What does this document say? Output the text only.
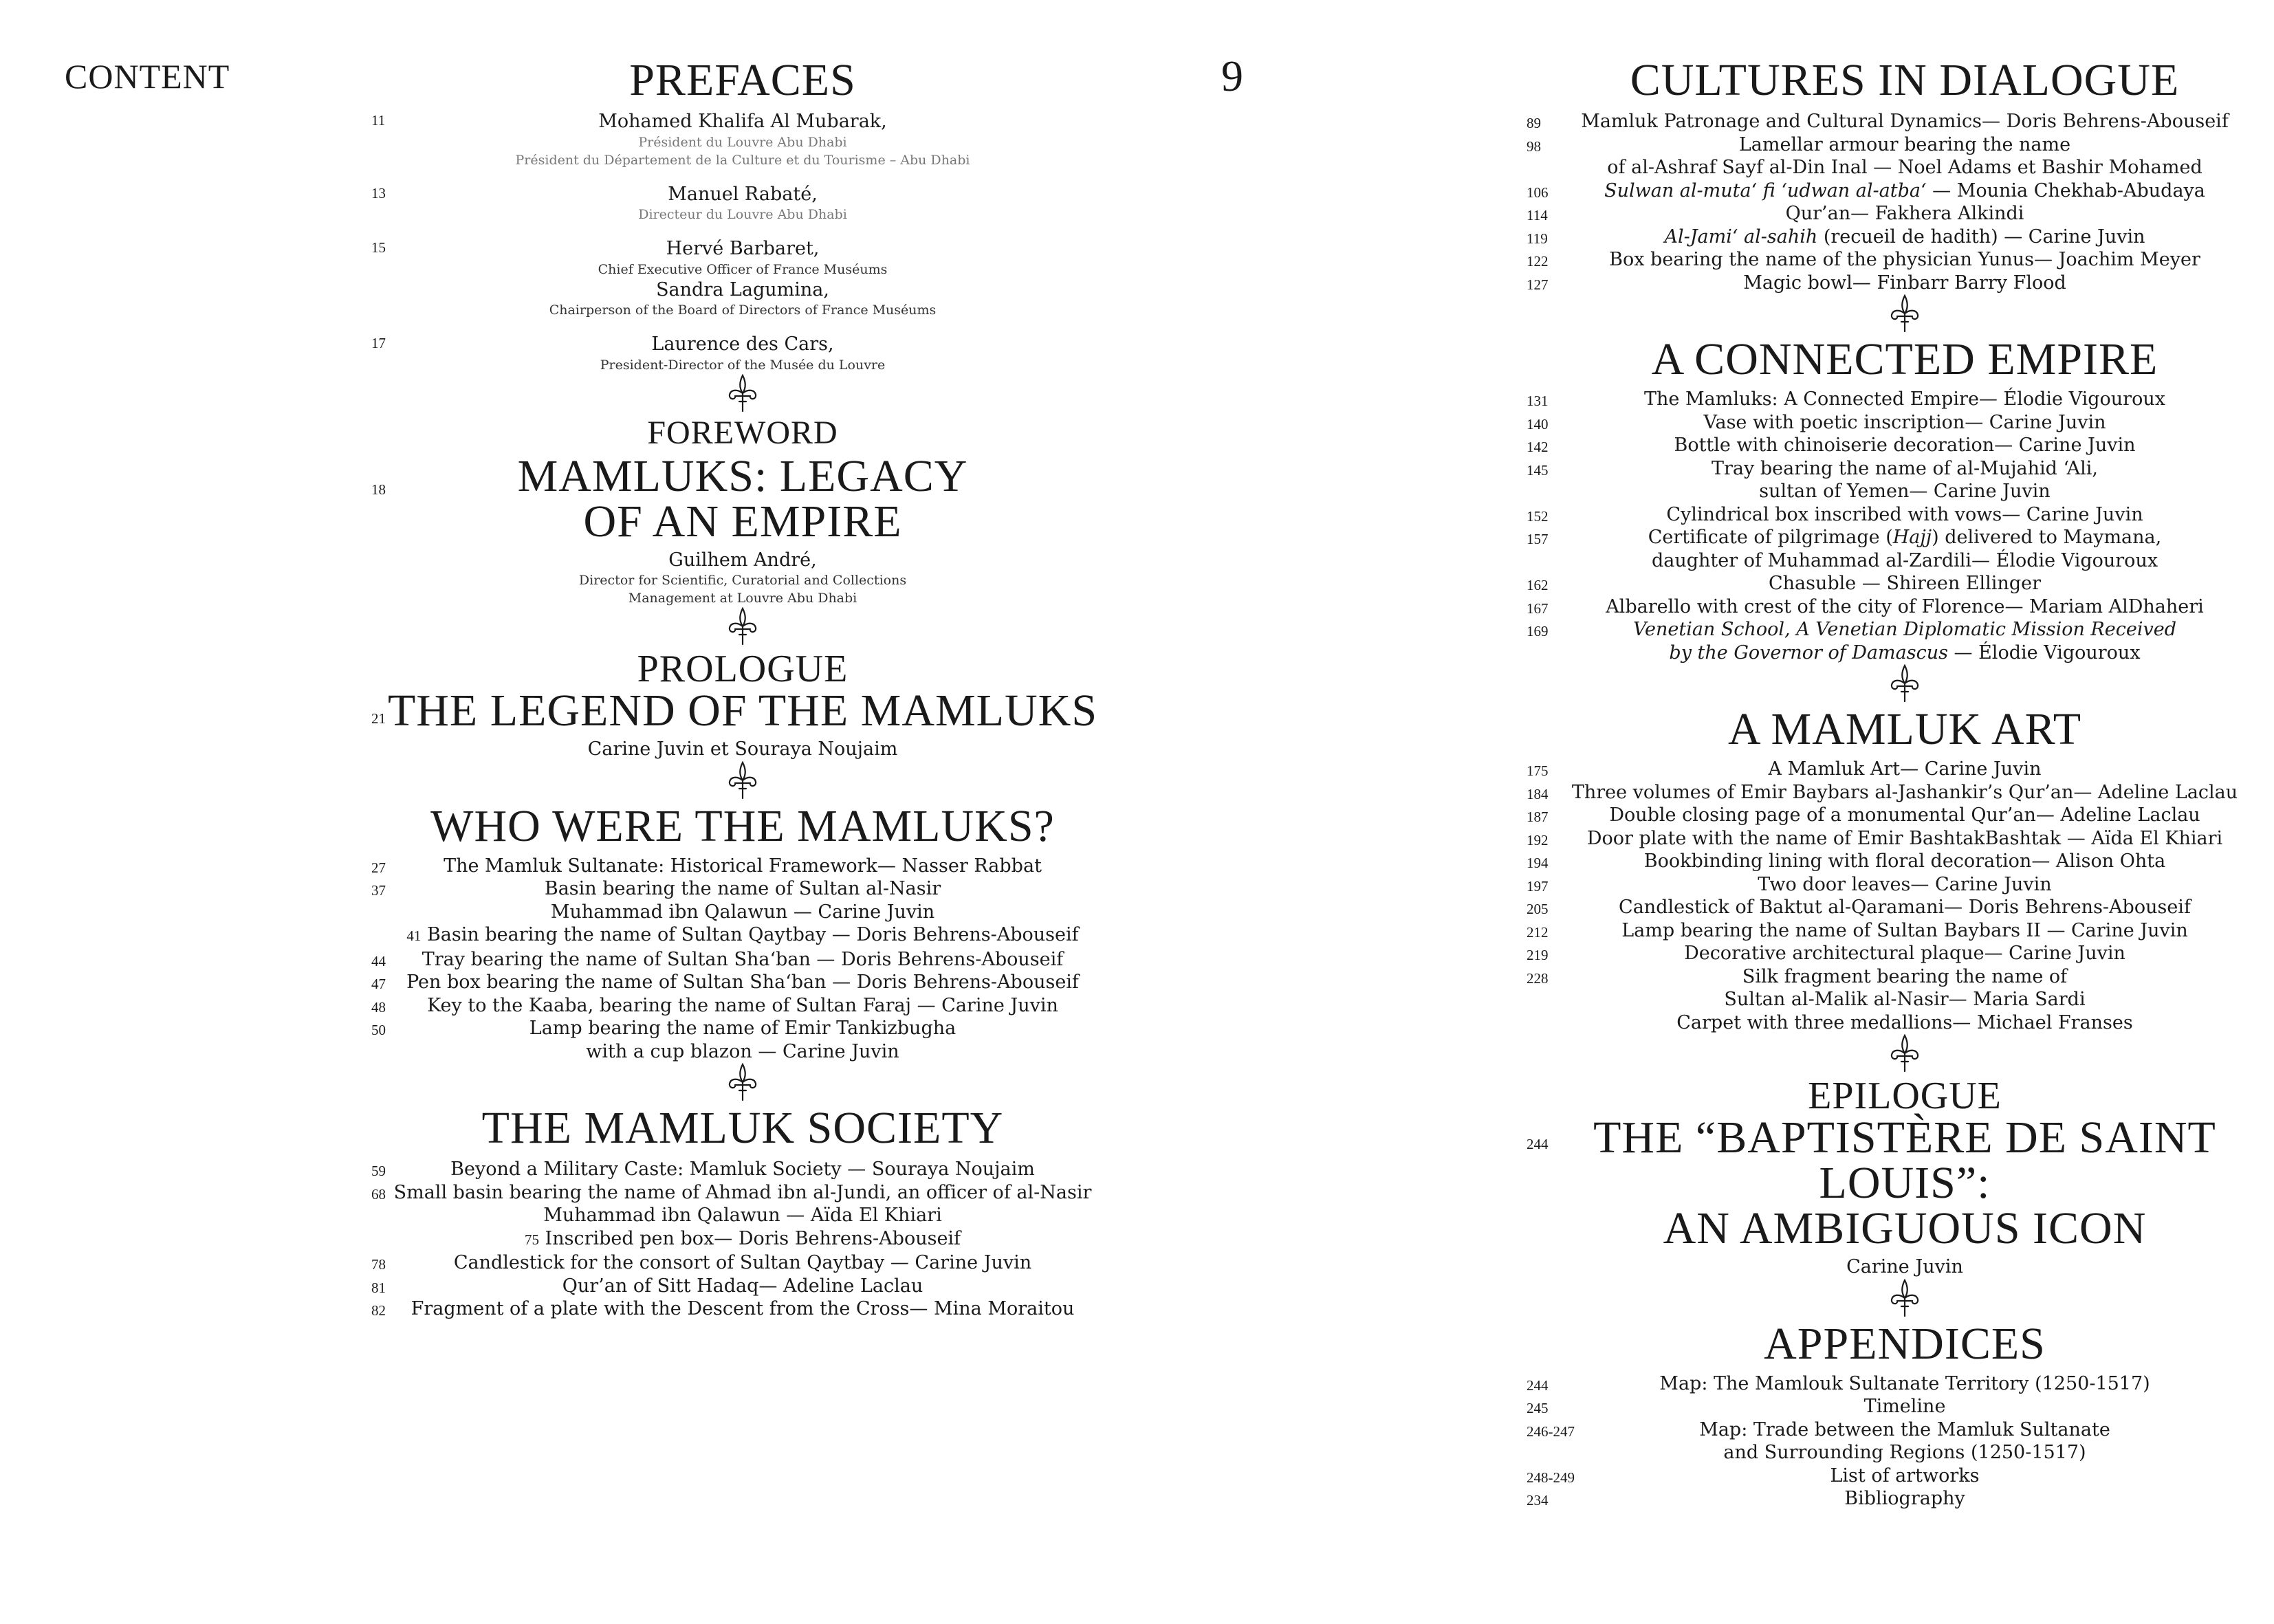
CONTENT	9
PREFACES
11	Mohamed Khalifa Al Mubarak,
Président du Louvre Abu Dhabi
Président du Département de la Culture et du Tourisme – Abu Dhabi
13	Manuel Rabaté,
Directeur du Louvre Abu Dhabi
15	Hervé Barbaret,
Chief Executive Officer of France Muséums
Sandra Lagumina,
Chairperson of the Board of Directors of France Muséums
17	Laurence des Cars,
President-Director of the Musée du Louvre
FOREWORD
18	MAMLUKS: LEGACY
OF AN EMPIRE
Guilhem André,
Director for Scientific, Curatorial and Collections
Management at Louvre Abu Dhabi
PROLOGUE
21 THE LEGEND OF THE MAMLUKS
Carine Juvin et Souraya Noujaim
WHO WERE THE MAMLUKS?
27	The Mamluk Sultanate: Historical Framework— Nasser Rabbat
37	Basin bearing the name of Sultan al-Nasir
Muhammad ibn Qalawun — Carine Juvin
41 Basin bearing the name of Sultan Qaytbay — Doris Behrens-Abouseif
44	Tray bearing the name of Sultan Sha‘ban — Doris Behrens-Abouseif
47	Pen box bearing the name of Sultan Sha‘ban — Doris Behrens-Abouseif
48	Key to the Kaaba, bearing the name of Sultan Faraj — Carine Juvin
50	Lamp bearing the name of Emir Tankizbugha
with a cup blazon — Carine Juvin
THE MAMLUK SOCIETY
59	Beyond a Military Caste: Mamluk Society — Souraya Noujaim
68 Small basin bearing the name of Ahmad ibn al-Jundi, an officer of al-Nasir
Muhammad ibn Qalawun — Aïda El Khiari
75 Inscribed pen box— Doris Behrens-Abouseif
78	Candlestick for the consort of Sultan Qaytbay — Carine Juvin
81	Qur’an of Sitt Hadaq— Adeline Laclau
82	Fragment of a plate with the Descent from the Cross— Mina Moraitou
CULTURES IN DIALOGUE
89	Mamluk Patronage and Cultural Dynamics— Doris Behrens-Abouseif
98	Lamellar armour bearing the name
of al-Ashraf Sayf al-Din Inal — Noel Adams et Bashir Mohamed
106	Sulwan al-muta‘ fi ‘udwan al-atba‘ — Mounia Chekhab-Abudaya
114	Qur’an— Fakhera Alkindi
119	Al-Jami‘ al-sahih (recueil de hadith) — Carine Juvin
122	Box bearing the name of the physician Yunus— Joachim Meyer
127	Magic bowl— Finbarr Barry Flood
A CONNECTED EMPIRE
131	The Mamluks: A Connected Empire— Élodie Vigouroux
140	Vase with poetic inscription— Carine Juvin
142	Bottle with chinoiserie decoration— Carine Juvin
145	Tray bearing the name of al-Mujahid ‘Ali,
sultan of Yemen— Carine Juvin
152	Cylindrical box inscribed with vows— Carine Juvin
157	Certificate of pilgrimage (Hajj) delivered to Maymana,
daughter of Muhammad al-Zardili— Élodie Vigouroux
162	Chasuble — Shireen Ellinger
167	Albarello with crest of the city of Florence— Mariam AlDhaheri
169	Venetian School, A Venetian Diplomatic Mission Received
by the Governor of Damascus — Élodie Vigouroux
A MAMLUK ART
175	A Mamluk Art— Carine Juvin
184	Three volumes of Emir Baybars al-Jashankir’s Qur’an— Adeline Laclau
187	Double closing page of a monumental Qur’an— Adeline Laclau
192	Door plate with the name of Emir BashtakBashtak — Aïda El Khiari
194	Bookbinding lining with floral decoration— Alison Ohta
197	Two door leaves— Carine Juvin
205	Candlestick of Baktut al-Qaramani— Doris Behrens-Abouseif
212	Lamp bearing the name of Sultan Baybars II — Carine Juvin
219	Decorative architectural plaque— Carine Juvin
228	Silk fragment bearing the name of
Sultan al-Malik al-Nasir— Maria Sardi
Carpet with three medallions— Michael Franses
EPILOGUE
244 THE “BAPTISTÈRE DE SAINT LOUIS”:
AN AMBIGUOUS ICON
Carine Juvin
APPENDICES
244	Map: The Mamlouk Sultanate Territory (1250-1517)
245	Timeline
246-247	Map: Trade between the Mamluk Sultanate
and Surrounding Regions (1250-1517)
248-249	List of artworks
234	Bibliography
